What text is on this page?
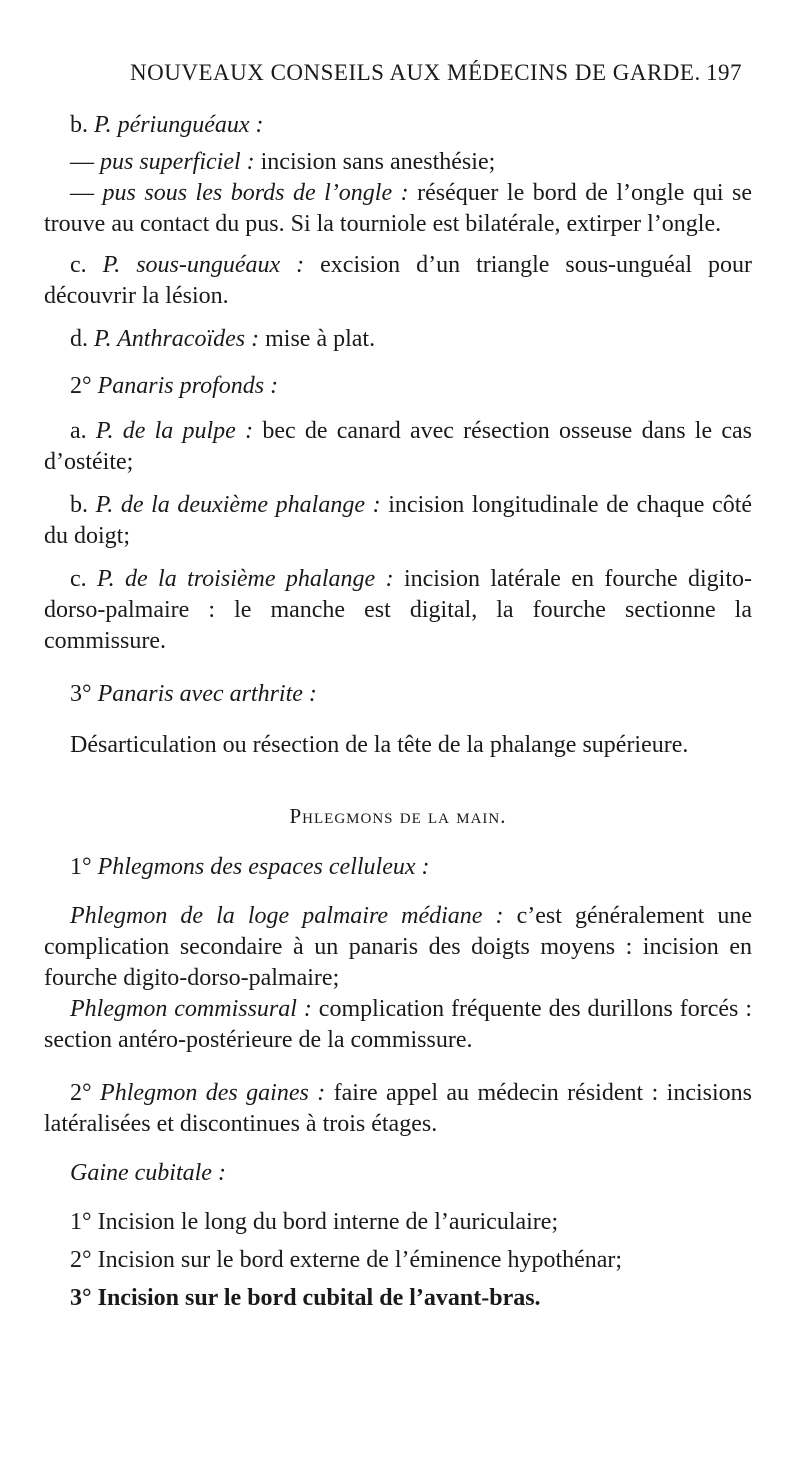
NOUVEAUX CONSEILS AUX MÉDECINS DE GARDE. 197

b. P. périunguéaux :

— pus superficiel : incision sans anesthésie;

— pus sous les bords de l’ongle : réséquer le bord de l’ongle qui se trouve au contact du pus. Si la tourniole est bilatérale, extirper l’ongle.

c. P. sous-unguéaux : excision d’un triangle sous-unguéal pour découvrir la lésion.

d. P. Anthracoïdes : mise à plat.

2° Panaris profonds :

a. P. de la pulpe : bec de canard avec résection osseuse dans le cas d’ostéite;

b. P. de la deuxième phalange : incision longitudinale de chaque côté du doigt;

c. P. de la troisième phalange : incision latérale en fourche digito-dorso-palmaire : le manche est digital, la fourche sectionne la commissure.

3° Panaris avec arthrite :

Désarticulation ou résection de la tête de la phalange supérieure.

Phlegmons de la main.

1° Phlegmons des espaces celluleux :

Phlegmon de la loge palmaire médiane : c’est généralement une complication secondaire à un panaris des doigts moyens : incision en fourche digito-dorso-palmaire;

Phlegmon commissural : complication fréquente des durillons forcés : section antéro-postérieure de la commissure.

2° Phlegmon des gaines : faire appel au médecin résident : incisions latéralisées et discontinues à trois étages.

Gaine cubitale :

1° Incision le long du bord interne de l’auriculaire;

2° Incision sur le bord externe de l’éminence hypothénar;

3° Incision sur le bord cubital de l’avant-bras.
